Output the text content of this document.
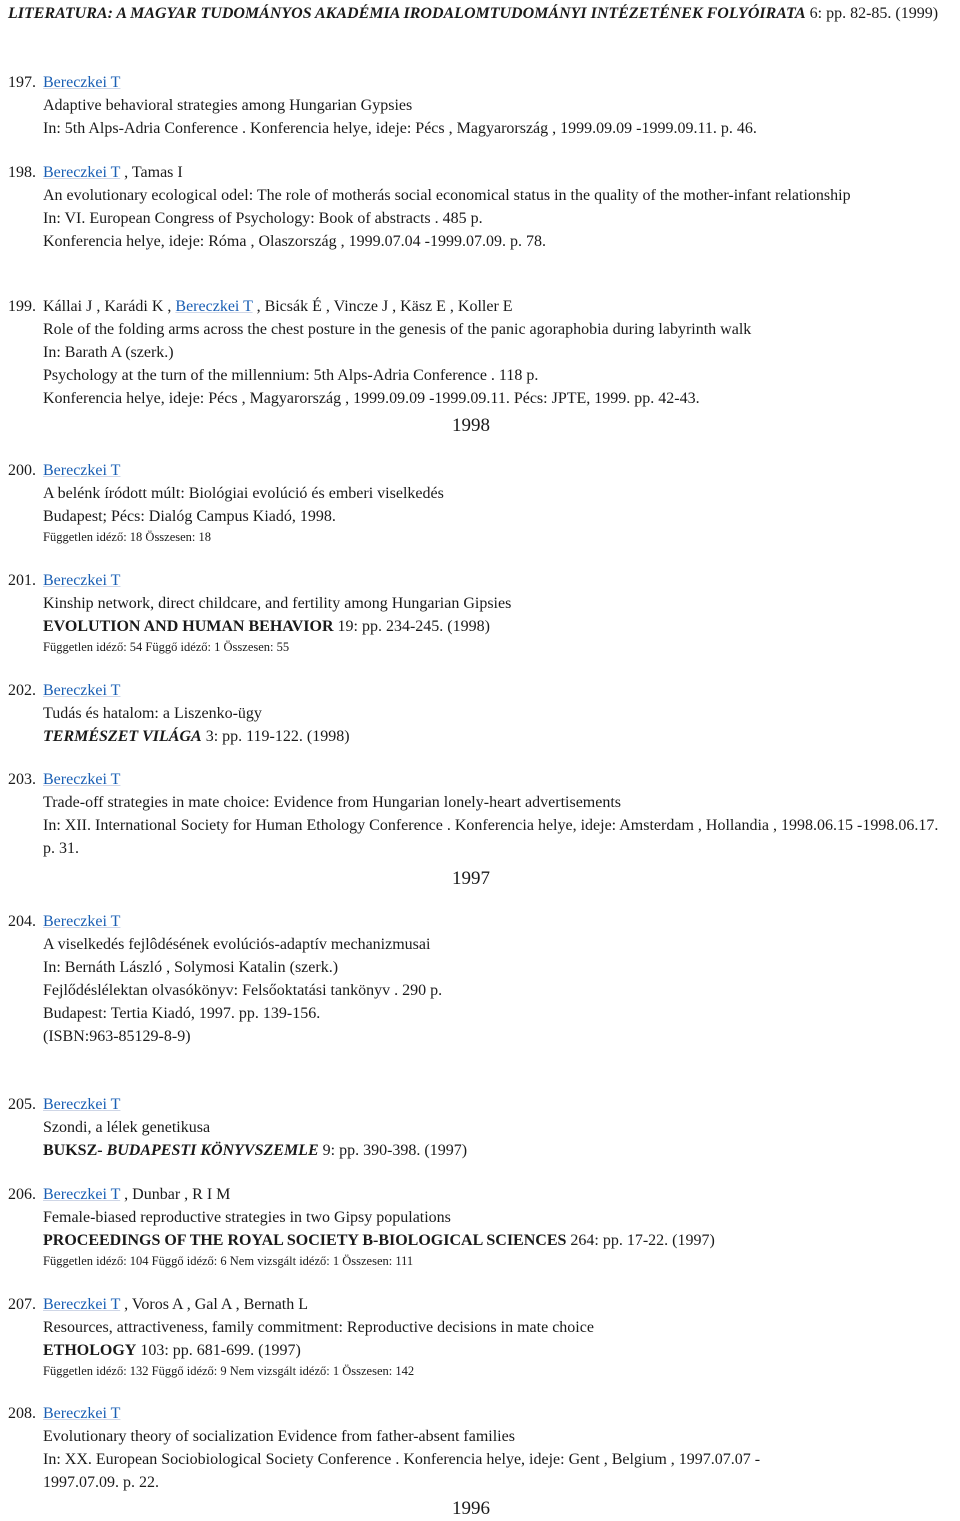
LITERATURA: A MAGYAR TUDOMÁNYOS AKADÉMIA IRODALOMTUDOMÁNYI INTÉZETÉNEK FOLYÓIRATA 6: pp. 82-85. (1999)
197. Bereczkei T
Adaptive behavioral strategies among Hungarian Gypsies
In: 5th Alps-Adria Conference . Konferencia helye, ideje: Pécs , Magyarország , 1999.09.09 -1999.09.11. p. 46.
198. Bereczkei T , Tamas I
An evolutionary ecological odel: The role of motherás social economical status in the quality of the mother-infant relationship
In: VI. European Congress of Psychology: Book of abstracts . 485 p.
Konferencia helye, ideje: Róma , Olaszország , 1999.07.04 -1999.07.09. p. 78.
199. Kállai J , Karádi K , Bereczkei T , Bicsák É , Vincze J , Käsz E , Koller E
Role of the folding arms across the chest posture in the genesis of the panic agoraphobia during labyrinth walk
In: Barath A (szerk.)
Psychology at the turn of the millennium: 5th Alps-Adria Conference . 118 p.
Konferencia helye, ideje: Pécs , Magyarország , 1999.09.09 -1999.09.11. Pécs: JPTE, 1999. pp. 42-43.
1998
200. Bereczkei T
A belénk íródott múlt: Biológiai evolúció és emberi viselkedés
Budapest; Pécs: Dialóg Campus Kiadó, 1998.
Független idéző: 18 Összesen: 18
201. Bereczkei T
Kinship network, direct childcare, and fertility among Hungarian Gipsies
EVOLUTION AND HUMAN BEHAVIOR 19: pp. 234-245. (1998)
Független idéző: 54 Függő idéző: 1 Összesen: 55
202. Bereczkei T
Tudás és hatalom: a Liszenko-ügy
TERMÉSZET VILÁGA 3: pp. 119-122. (1998)
203. Bereczkei T
Trade-off strategies in mate choice: Evidence from Hungarian lonely-heart advertisements
In: XII. International Society for Human Ethology Conference . Konferencia helye, ideje: Amsterdam , Hollandia , 1998.06.15 -1998.06.17. p. 31.
1997
204. Bereczkei T
A viselkedés fejlôdésének evolúciós-adaptív mechanizmusai
In: Bernáth László , Solymosi Katalin (szerk.)
Fejlődéslélektan olvasókönyv: Felsőoktatási tankönyv . 290 p.
Budapest: Tertia Kiadó, 1997. pp. 139-156.
(ISBN:963-85129-8-9)
205. Bereczkei T
Szondi, a lélek genetikusa
BUKSZ- BUDAPESTI KÖNYVSZEMLE 9: pp. 390-398. (1997)
206. Bereczkei T , Dunbar , R I M
Female-biased reproductive strategies in two Gipsy populations
PROCEEDINGS OF THE ROYAL SOCIETY B-BIOLOGICAL SCIENCES 264: pp. 17-22. (1997)
Független idéző: 104 Függő idéző: 6 Nem vizsgált idéző: 1 Összesen: 111
207. Bereczkei T , Voros A , Gal A , Bernath L
Resources, attractiveness, family commitment: Reproductive decisions in mate choice
ETHOLOGY 103: pp. 681-699. (1997)
Független idéző: 132 Függő idéző: 9 Nem vizsgált idéző: 1 Összesen: 142
208. Bereczkei T
Evolutionary theory of socialization Evidence from father-absent families
In: XX. European Sociobiological Society Conference . Konferencia helye, ideje: Gent , Belgium , 1997.07.07 -
1997.07.09. p. 22.
1996
